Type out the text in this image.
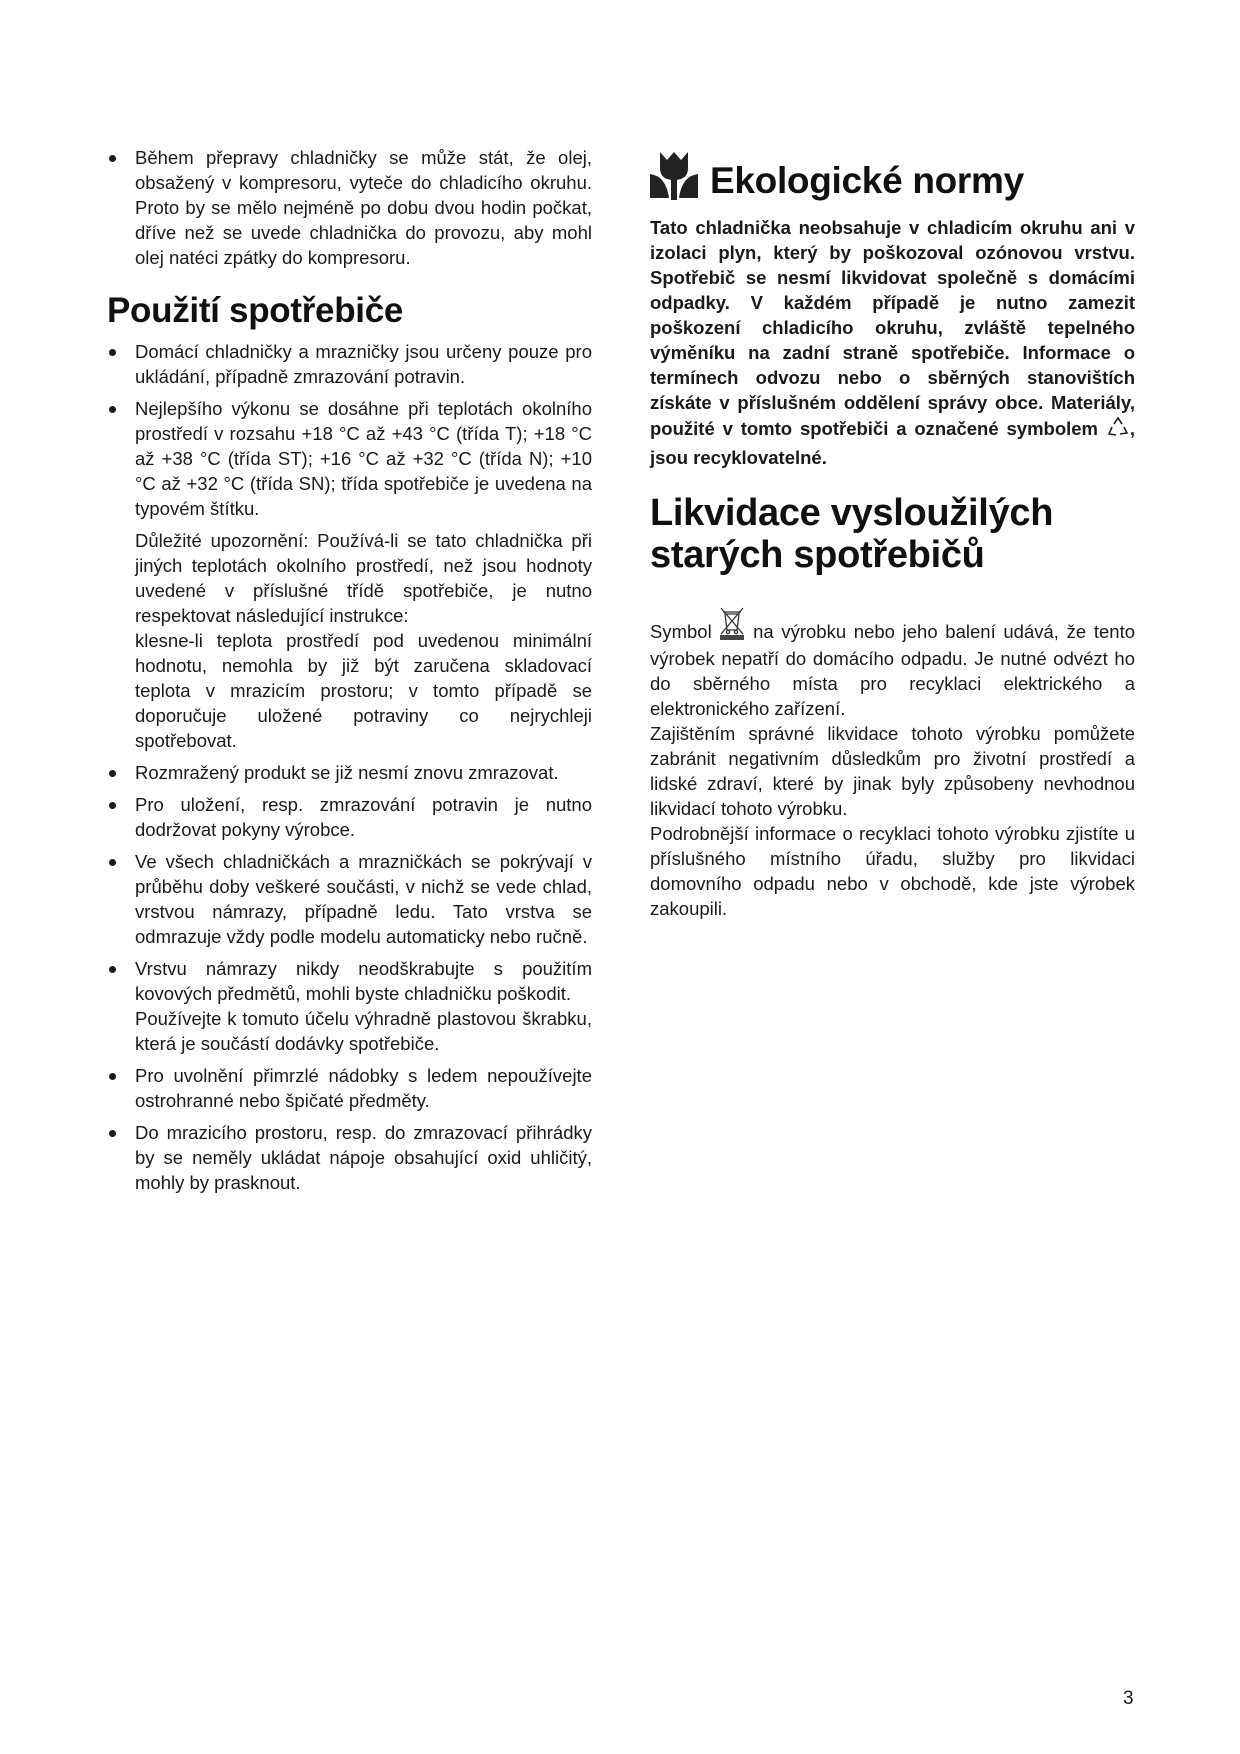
Během přepravy chladničky se může stát, že olej, obsažený v kompresoru, vyteče do chladicího okruhu. Proto by se mělo nejméně po dobu dvou hodin počkat, dříve než se uvede chladnička do provozu, aby mohl olej natéci zpátky do kompresoru.

Použití spotřebiče

Domácí chladničky a mrazničky jsou určeny pouze pro ukládání, případně zmrazování potravin.

Nejlepšího výkonu se dosáhne při teplotách okolního prostředí v rozsahu +18 °C až +43 °C (třída T); +18 °C až +38 °C (třída ST); +16 °C až +32 °C (třída N); +10 °C až +32 °C (třída SN); třída spotřebiče je uvedena na typovém štítku.

Důležité upozornění: Používá-li se tato chladnička při jiných teplotách okolního prostředí, než jsou hodnoty uvedené v příslušné třídě spotřebiče, je nutno respektovat následující instrukce:

klesne-li teplota prostředí pod uvedenou minimální hodnotu, nemohla by již být zaručena skladovací teplota v mrazicím prostoru; v tomto případě se doporučuje uložené potraviny co nejrychleji spotřebovat.

Rozmražený produkt se již nesmí znovu zmrazovat.

Pro uložení, resp. zmrazování potravin je nutno dodržovat pokyny výrobce.

Ve všech chladničkách a mrazničkách se pokrývají v průběhu doby veškeré součásti, v nichž se vede chlad, vrstvou námrazy, případně ledu. Tato vrstva se odmrazuje vždy podle modelu automaticky nebo ručně.

Vrstvu námrazy nikdy neodškrabujte s použitím kovových předmětů, mohli byste chladničku poškodit.

Používejte k tomuto účelu výhradně plastovou škrabku, která je součástí dodávky spotřebiče.

Pro uvolnění přimrzlé nádobky s ledem nepoužívejte ostrohranné nebo špičaté předměty.

Do mrazicího prostoru, resp. do zmrazovací přihrádky by se neměly ukládat nápoje obsahující oxid uhličitý, mohly by prasknout.

Ekologické normy

Tato chladnička neobsahuje v chladicím okruhu ani v izolaci plyn, který by poškozoval ozónovou vrstvu. Spotřebič se nesmí likvidovat společně s domácími odpadky. V každém případě je nutno zamezit poškození chladicího okruhu, zvláště tepelného výměníku na zadní straně spotřebiče. Informace o termínech odvozu nebo o sběrných stanovištích získáte v příslušném oddělení správy obce. Materiály, použité v tomto spotřebiči a označené symbolem , jsou recyklovatelné.

Likvidace vysloužilých starých spotřebičů

Symbol na výrobku nebo jeho balení udává, že tento výrobek nepatří do domácího odpadu. Je nutné odvézt ho do sběrného místa pro recyklaci elektrického a elektronického zařízení.

Zajištěním správné likvidace tohoto výrobku pomůžete zabránit negativním důsledkům pro životní prostředí a lidské zdraví, které by jinak byly způsobeny nevhodnou likvidací tohoto výrobku.

Podrobnější informace o recyklaci tohoto výrobku zjistíte u příslušného místního úřadu, služby pro likvidaci domovního odpadu nebo v obchodě, kde jste výrobek zakoupili.

3
